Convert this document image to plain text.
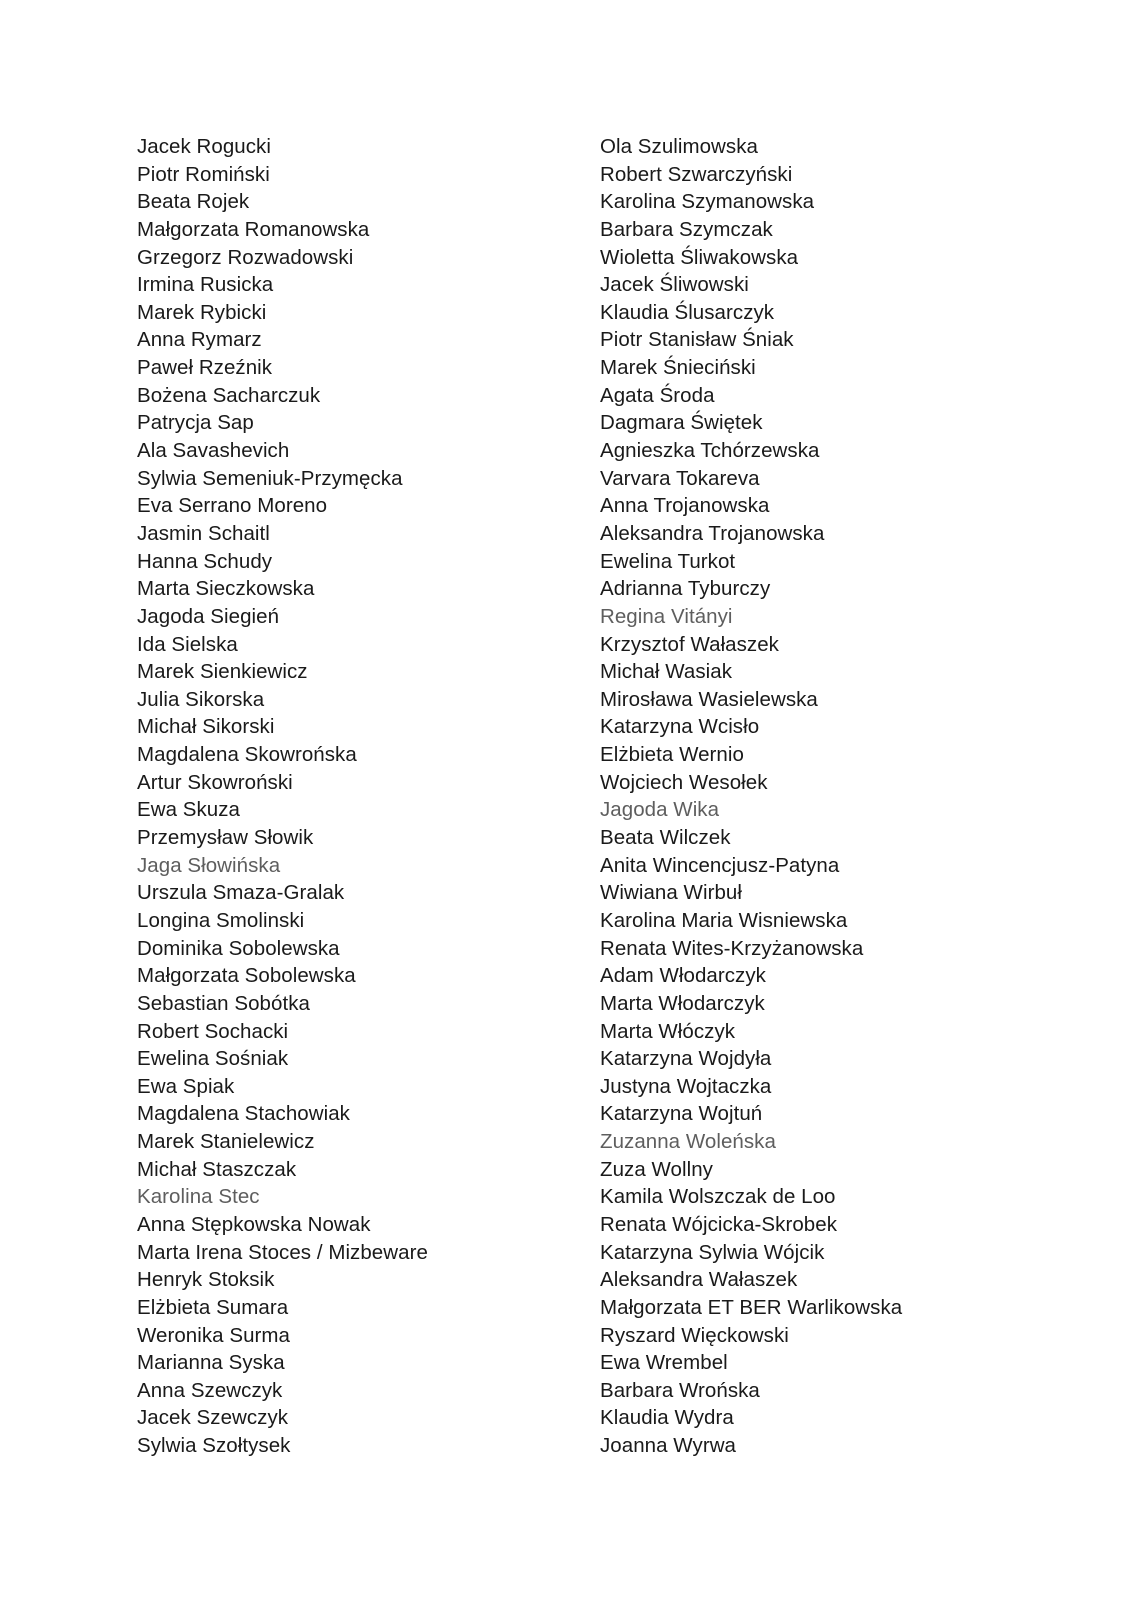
Jacek Rogucki
Piotr Romiński
Beata Rojek
Małgorzata Romanowska
Grzegorz Rozwadowski
Irmina Rusicka
Marek Rybicki
Anna Rymarz
Paweł Rzeźnik
Bożena Sacharczuk
Patrycja Sap
Ala Savashevich
Sylwia Semeniuk-Przymęcka
Eva Serrano Moreno
Jasmin Schaitl
Hanna Schudy
Marta Sieczkowska
Jagoda Siegień
Ida Sielska
Marek Sienkiewicz
Julia Sikorska
Michał Sikorski
Magdalena Skowrońska
Artur Skowroński
Ewa Skuza
Przemysław Słowik
Jaga Słowińska
Urszula Smaza-Gralak
Longina Smolinski
Dominika Sobolewska
Małgorzata Sobolewska
Sebastian Sobótka
Robert Sochacki
Ewelina Sośniak
Ewa Spiak
Magdalena Stachowiak
Marek Stanielewicz
Michał Staszczak
Karolina Stec
Anna Stępkowska Nowak
Marta Irena Stoces / Mizbeware
Henryk Stoksik
Elżbieta Sumara
Weronika Surma
Marianna Syska
Anna Szewczyk
Jacek Szewczyk
Sylwia Szołtysek
Ola Szulimowska
Robert Szwarczyński
Karolina Szymanowska
Barbara Szymczak
Wioletta Śliwakowska
Jacek Śliwowski
Klaudia Ślusarczyk
Piotr Stanisław Śniak
Marek Śnieciński
Agata Środa
Dagmara Świętek
Agnieszka Tchórzewska
Varvara Tokareva
Anna Trojanowska
Aleksandra Trojanowska
Ewelina Turkot
Adrianna Tyburczy
Regina Vitányi
Krzysztof Wałaszek
Michał Wasiak
Mirosława Wasielewska
Katarzyna Wcisło
Elżbieta Wernio
Wojciech Wesołek
Jagoda Wika
Beata Wilczek
Anita Wincencjusz-Patyna
Wiwiana Wirbuł
Karolina Maria Wisniewska
Renata Wites-Krzyżanowska
Adam Włodarczyk
Marta Włodarczyk
Marta Włóczyk
Katarzyna Wojdyła
Justyna Wojtaczka
Katarzyna Wojtuń
Zuzanna Woleńska
Zuza Wollny
Kamila Wolszczak de Loo
Renata Wójcicka-Skrobek
Katarzyna Sylwia Wójcik
Aleksandra Wałaszek
Małgorzata ET BER Warlikowska
Ryszard Więckowski
Ewa Wrembel
Barbara Wrońska
Klaudia Wydra
Joanna Wyrwa
